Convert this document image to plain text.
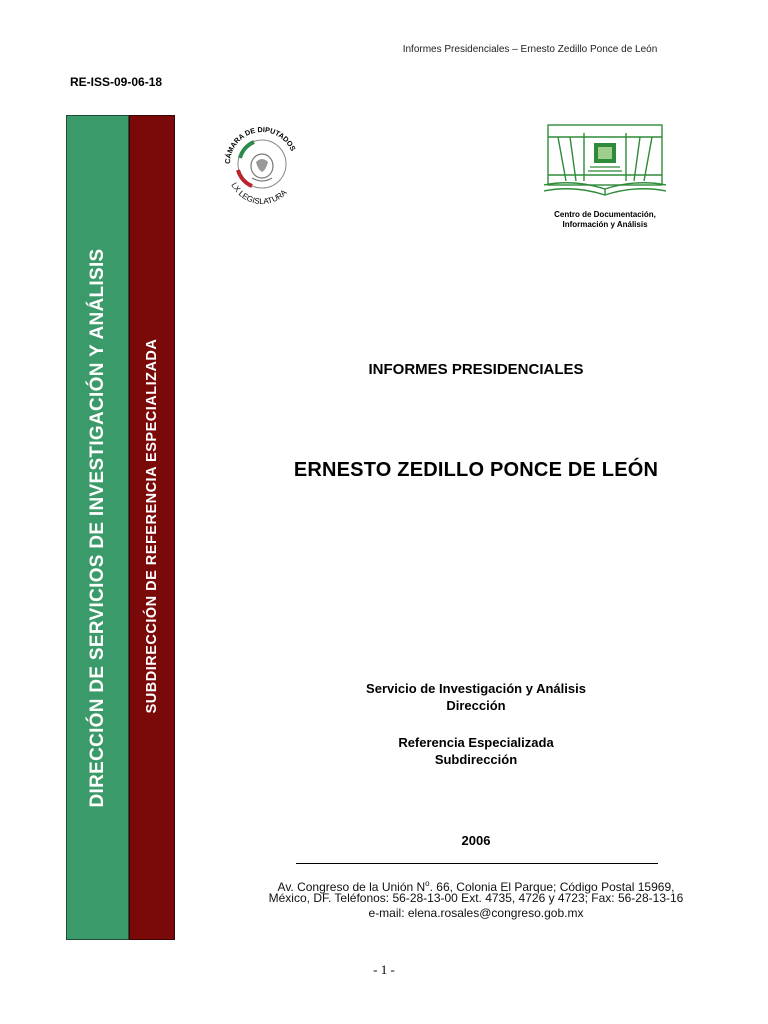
Informes Presidenciales – Ernesto Zedillo Ponce de León
RE-ISS-09-06-18
DIRECCIÓN DE SERVICIOS DE INVESTIGACIÓN Y ANÁLISIS SUBDIRECCIÓN DE REFERENCIA ESPECIALIZADA
CÁMARA DE DIPUTADOS
LX LEGISLATURA
Centro de Documentación,
Información y Análisis
INFORMES PRESIDENCIALES
ERNESTO ZEDILLO PONCE DE LEÓN
Servicio de Investigación y Análisis
Dirección
Referencia Especializada
Subdirección
2006
Av. Congreso de la Unión $N^o$. 66, Colonia El Parque; Código Postal 15969,
México, DF. Teléfonos: 56-28-13-00 Ext. 4735, 4726 y 4723; Fax: 56-28-13-16
e-mail: elena.rosales@congreso.gob.mx
- 1 -
